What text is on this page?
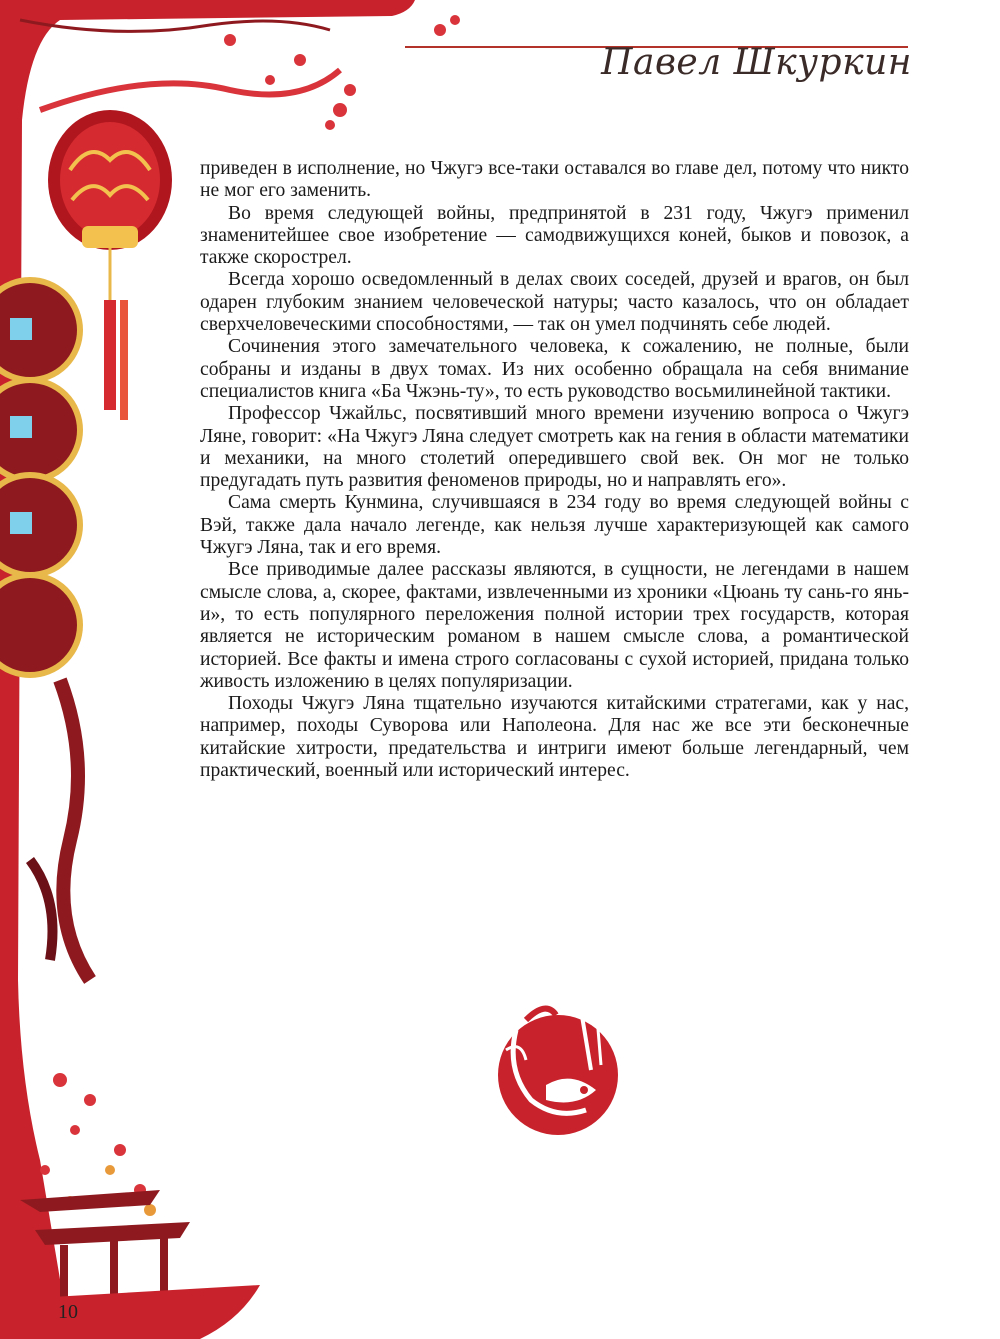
Павел Шкуркин

приведен в исполнение, но Чжугэ все-таки оставался во главе дел, потому что никто не мог его заменить.

Во время следующей войны, предпринятой в 231 году, Чжугэ применил знаменитейшее свое изобретение — самодвижущихся коней, быков и повозок, а также скорострел.

Всегда хорошо осведомленный в делах своих соседей, друзей и врагов, он был одарен глубоким знанием человеческой натуры; часто казалось, что он обладает сверхчеловеческими способностями, — так он умел подчинять себе людей.

Сочинения этого замечательного человека, к сожалению, не полные, были собраны и изданы в двух томах. Из них особенно обращала на себя внимание специалистов книга «Ба Чжэнь-ту», то есть руководство восьмилинейной тактики.

Профессор Чжайльс, посвятивший много времени изучению вопроса о Чжугэ Ляне, говорит: «На Чжугэ Ляна следует смотреть как на гения в области математики и механики, на много столетий опередившего свой век. Он мог не только предугадать путь развития феноменов природы, но и направлять его».

Сама смерть Кунмина, случившаяся в 234 году во время следующей войны с Вэй, также дала начало легенде, как нельзя лучше характеризующей как самого Чжугэ Ляна, так и его время.

Все приводимые далее рассказы являются, в сущности, не легендами в нашем смысле слова, а, скорее, фактами, извлеченными из хроники «Цюань ту сань-го янь-и», то есть популярного переложения полной истории трех государств, которая является не историческим романом в нашем смысле слова, а романтической историей. Все факты и имена строго согласованы с сухой историей, придана только живость изложению в целях популяризации.

Походы Чжугэ Ляна тщательно изучаются китайскими стратегами, как у нас, например, походы Суворова или Наполеона. Для нас же все эти бесконечные китайские хитрости, предательства и интриги имеют больше легендарный, чем практический, военный или исторический интерес.

10
